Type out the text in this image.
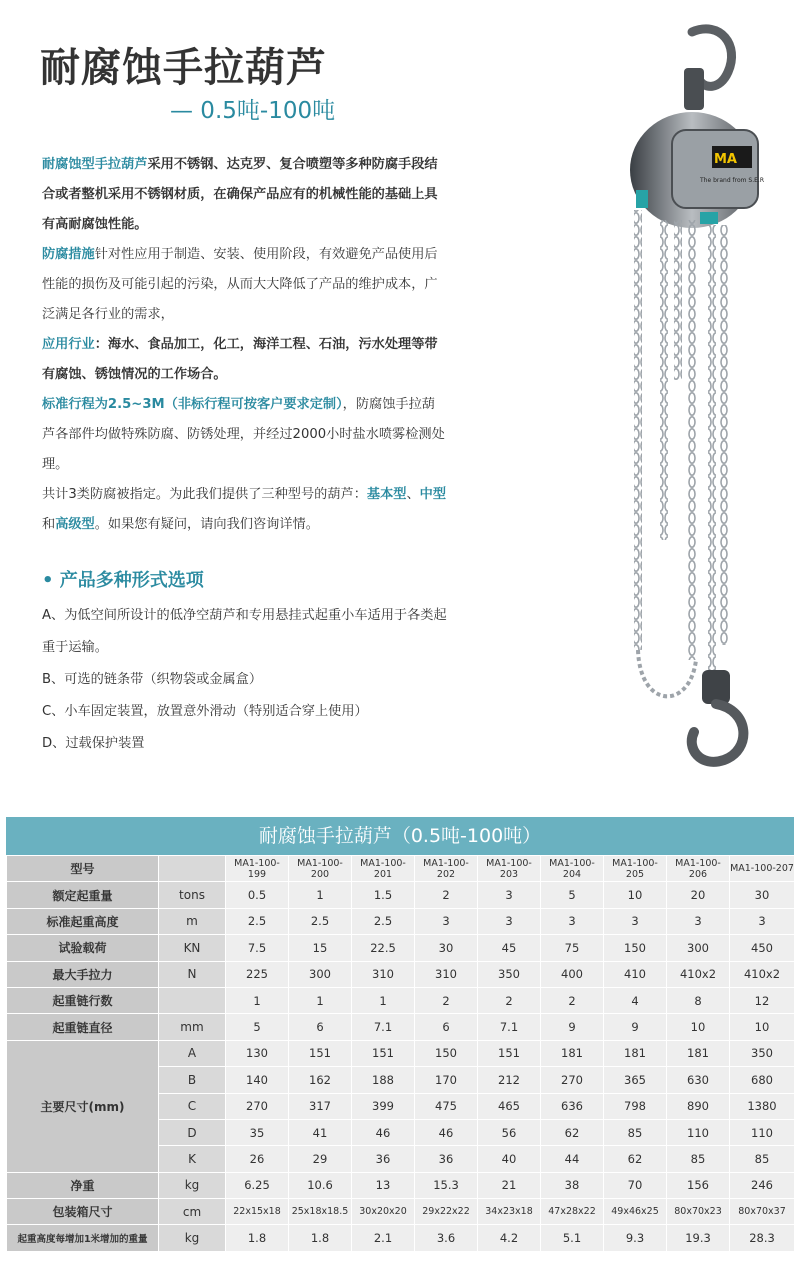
耐腐蚀手拉葫芦
— 0.5吨-100吨

耐腐蚀型手拉葫芦采用不锈钢、达克罗、复合喷塑等多种防腐手段结合或者整机采用不锈钢材质，在确保产品应有的机械性能的基础上具有高耐腐蚀性能。

防腐措施针对性应用于制造、安装、使用阶段，有效避免产品使用后性能的损伤及可能引起的污染，从而大大降低了产品的维护成本，广泛满足各行业的需求，

应用行业：海水、食品加工，化工，海洋工程、石油，污水处理等带有腐蚀、锈蚀情况的工作场合。

标准行程为2.5~3M（非标行程可按客户要求定制），防腐蚀手拉葫芦各部件均做特殊防腐、防锈处理，并经过2000小时盐水喷雾检测处理。

共计3类防腐被指定。为此我们提供了三种型号的葫芦：基本型、中型和高级型。如果您有疑问，请向我们咨询详情。

• 产品多种形式选项
A、为低空间所设计的低净空葫芦和专用悬挂式起重小车适用于各类起重于运输。
B、可选的链条带（织物袋或金属盒）
C、小车固定装置，放置意外滑动（特别适合穿上使用）
D、过载保护装置
MA
The brand from S.E.R
耐腐蚀手拉葫芦（0.5吨-100吨）
型号		MA1-100-199	MA1-100-200	MA1-100-201	MA1-100-202	MA1-100-203	MA1-100-204	MA1-100-205	MA1-100-206	MA1-100-207
额定起重量	tons	0.5	1	1.5	2	3	5	10	20	30
标准起重高度	m	2.5	2.5	2.5	3	3	3	3	3	3
试验载荷	KN	7.5	15	22.5	30	45	75	150	300	450
最大手拉力	N	225	300	310	310	350	400	410	410x2	410x2
起重链行数		1	1	1	2	2	2	4	8	12
起重链直径	mm	5	6	7.1	6	7.1	9	9	10	10
主要尺寸(mm)	A	130	151	151	150	151	181	181	181	350
	B	140	162	188	170	212	270	365	630	680
	C	270	317	399	475	465	636	798	890	1380
	D	35	41	46	46	56	62	85	110	110
	K	26	29	36	36	40	44	62	85	85
净重	kg	6.25	10.6	13	15.3	21	38	70	156	246
包装箱尺寸	cm	22x15x18	25x18x18.5	30x20x20	29x22x22	34x23x18	47x28x22	49x46x25	80x70x23	80x70x37
起重高度每增加1米增加的重量	kg	1.8	1.8	2.1	3.6	4.2	5.1	9.3	19.3	28.3
